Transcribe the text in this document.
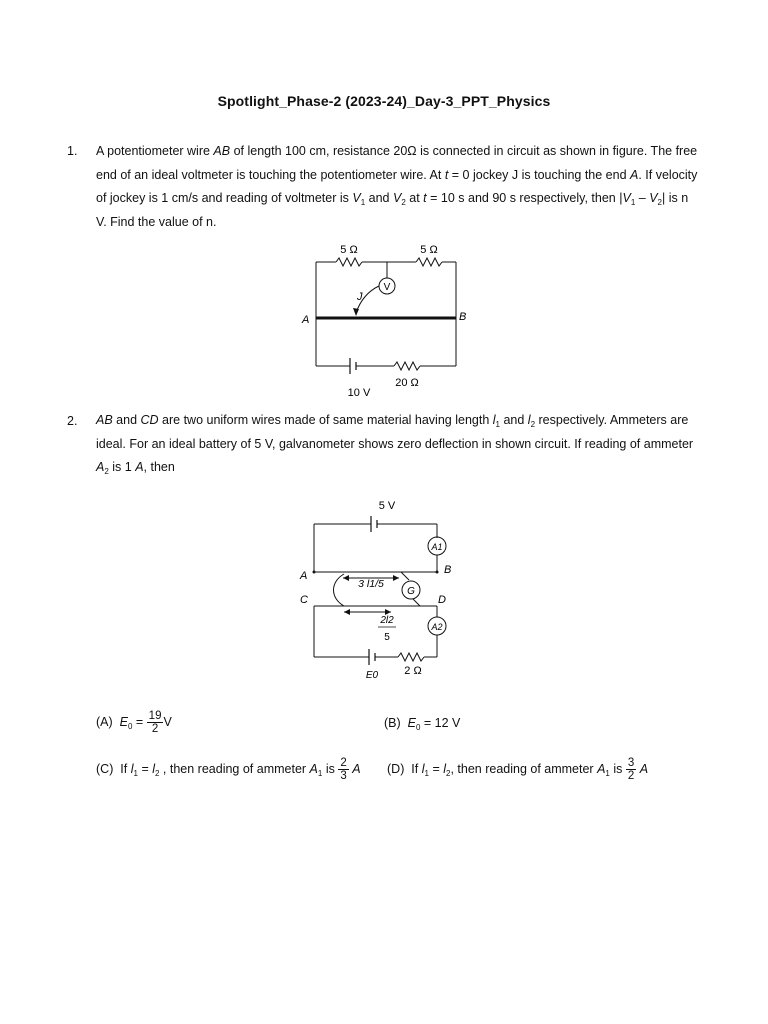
Spotlight_Phase-2 (2023-24)_Day-3_PPT_Physics
1. A potentiometer wire AB of length 100 cm, resistance 20Ω is connected in circuit as shown in figure. The free
end of an ideal voltmeter is touching the potentiometer wire. At t = 0 jockey J is touching the end A. If velocity
of jockey is 1 cm/s and reading of voltmeter is $V_1$ and $V_2$ at t = 10 s and 90 s respectively, then $|V_1 - V_2|$ is n
V. Find the value of n.
5 Ω	5 Ω
V
J
A	B
10 V
20 Ω
2. AB and CD are two uniform wires made of same material having length $l_1$ and $l_2$ respectively. Ammeters are
ideal. For an ideal battery of 5 V, galvanometer shows zero deflection in shown circuit. If reading of ammeter
$A_2$ is 1 A, then
5 V
A1
A2
G
A	B
C	D
3 l1/5
2l2
5
E0 2 Ω
(A) $E_0 = \frac{19}{2}$ V	(B) $E_0 = 12$ V
(C)  If $l_1 = l_2$ , then reading of ammeter $A_1$ is $\frac{2}{3}$ A (D)  If $l_1 = l_2$, then reading of ammeter $A_1$ is $\frac{3}{2}$ A
